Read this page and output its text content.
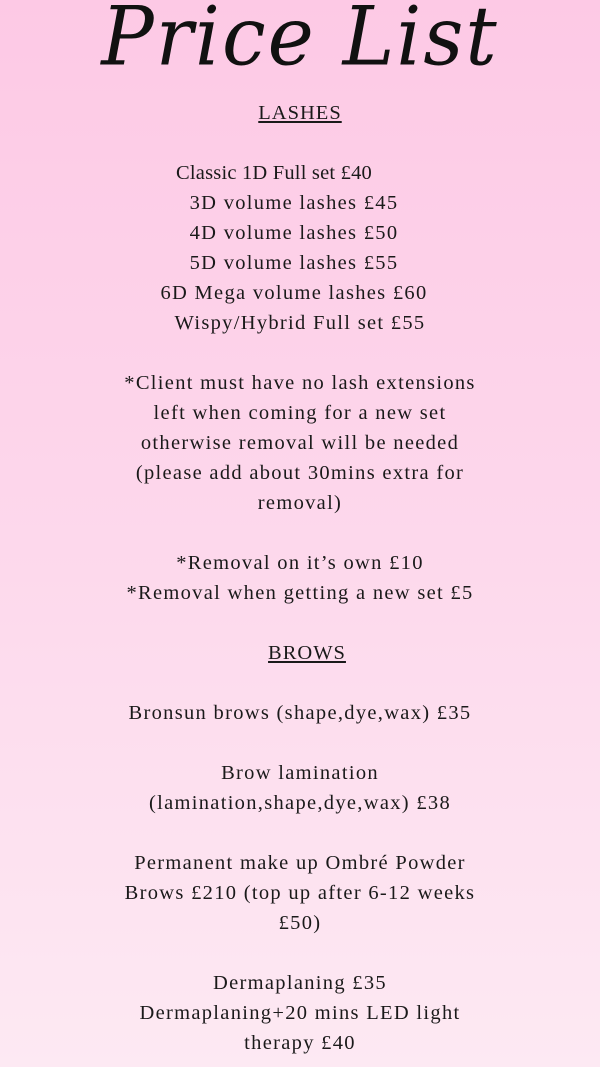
Price List
LASHES
Classic 1D Full set £40
3D volume lashes £45
4D volume lashes £50
5D volume lashes £55
6D Mega volume lashes £60
Wispy/Hybrid Full set £55
*Client must have no lash extensions
left when coming for a new set
otherwise removal will be needed
(please add about 30mins extra for
removal)
*Removal on it’s own £10
*Removal when getting a new set £5
BROWS
Bronsun brows (shape,dye,wax) £35
Brow lamination
(lamination,shape,dye,wax) £38
Permanent make up Ombré Powder
Brows £210 (top up after 6-12 weeks
£50)
Dermaplaning £35
Dermaplaning+20 mins LED light
therapy £40
